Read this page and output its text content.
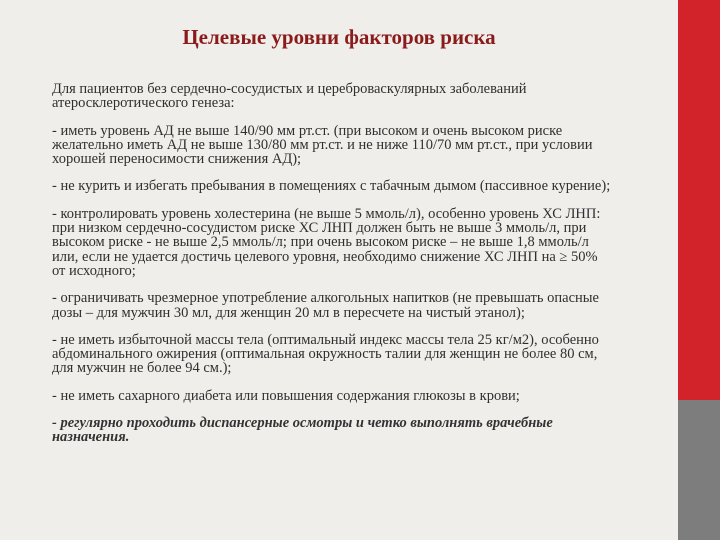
Целевые уровни факторов риска

Для пациентов без сердечно-сосудистых и цереброваскулярных заболеваний атеросклеротического генеза:

- иметь уровень АД не выше 140/90 мм рт.ст. (при высоком и очень высоком риске желательно иметь АД не выше 130/80 мм рт.ст. и не ниже 110/70 мм рт.ст., при условии хорошей переносимости снижения АД);

- не курить и избегать пребывания в помещениях с табачным дымом (пассивное курение);

- контролировать уровень холестерина (не выше 5 ммоль/л), особенно уровень ХС ЛНП: при низком сердечно-сосудистом риске ХС ЛНП должен быть не выше 3 ммоль/л, при высоком риске - не выше 2,5 ммоль/л; при очень высоком риске – не выше 1,8 ммоль/л или, если не удается достичь целевого уровня, необходимо снижение ХС ЛНП на ≥ 50% от исходного;

- ограничивать чрезмерное употребление алкогольных напитков (не превышать опасные дозы – для мужчин 30 мл, для женщин 20 мл в пересчете на чистый этанол);

- не иметь избыточной массы тела (оптимальный индекс массы тела 25 кг/м2), особенно абдоминального ожирения (оптимальная окружность талии для женщин не более 80 см, для мужчин не более 94 см.);

- не иметь сахарного диабета или повышения содержания глюкозы в крови;

- регулярно проходить диспансерные осмотры и четко выполнять врачебные назначения.
